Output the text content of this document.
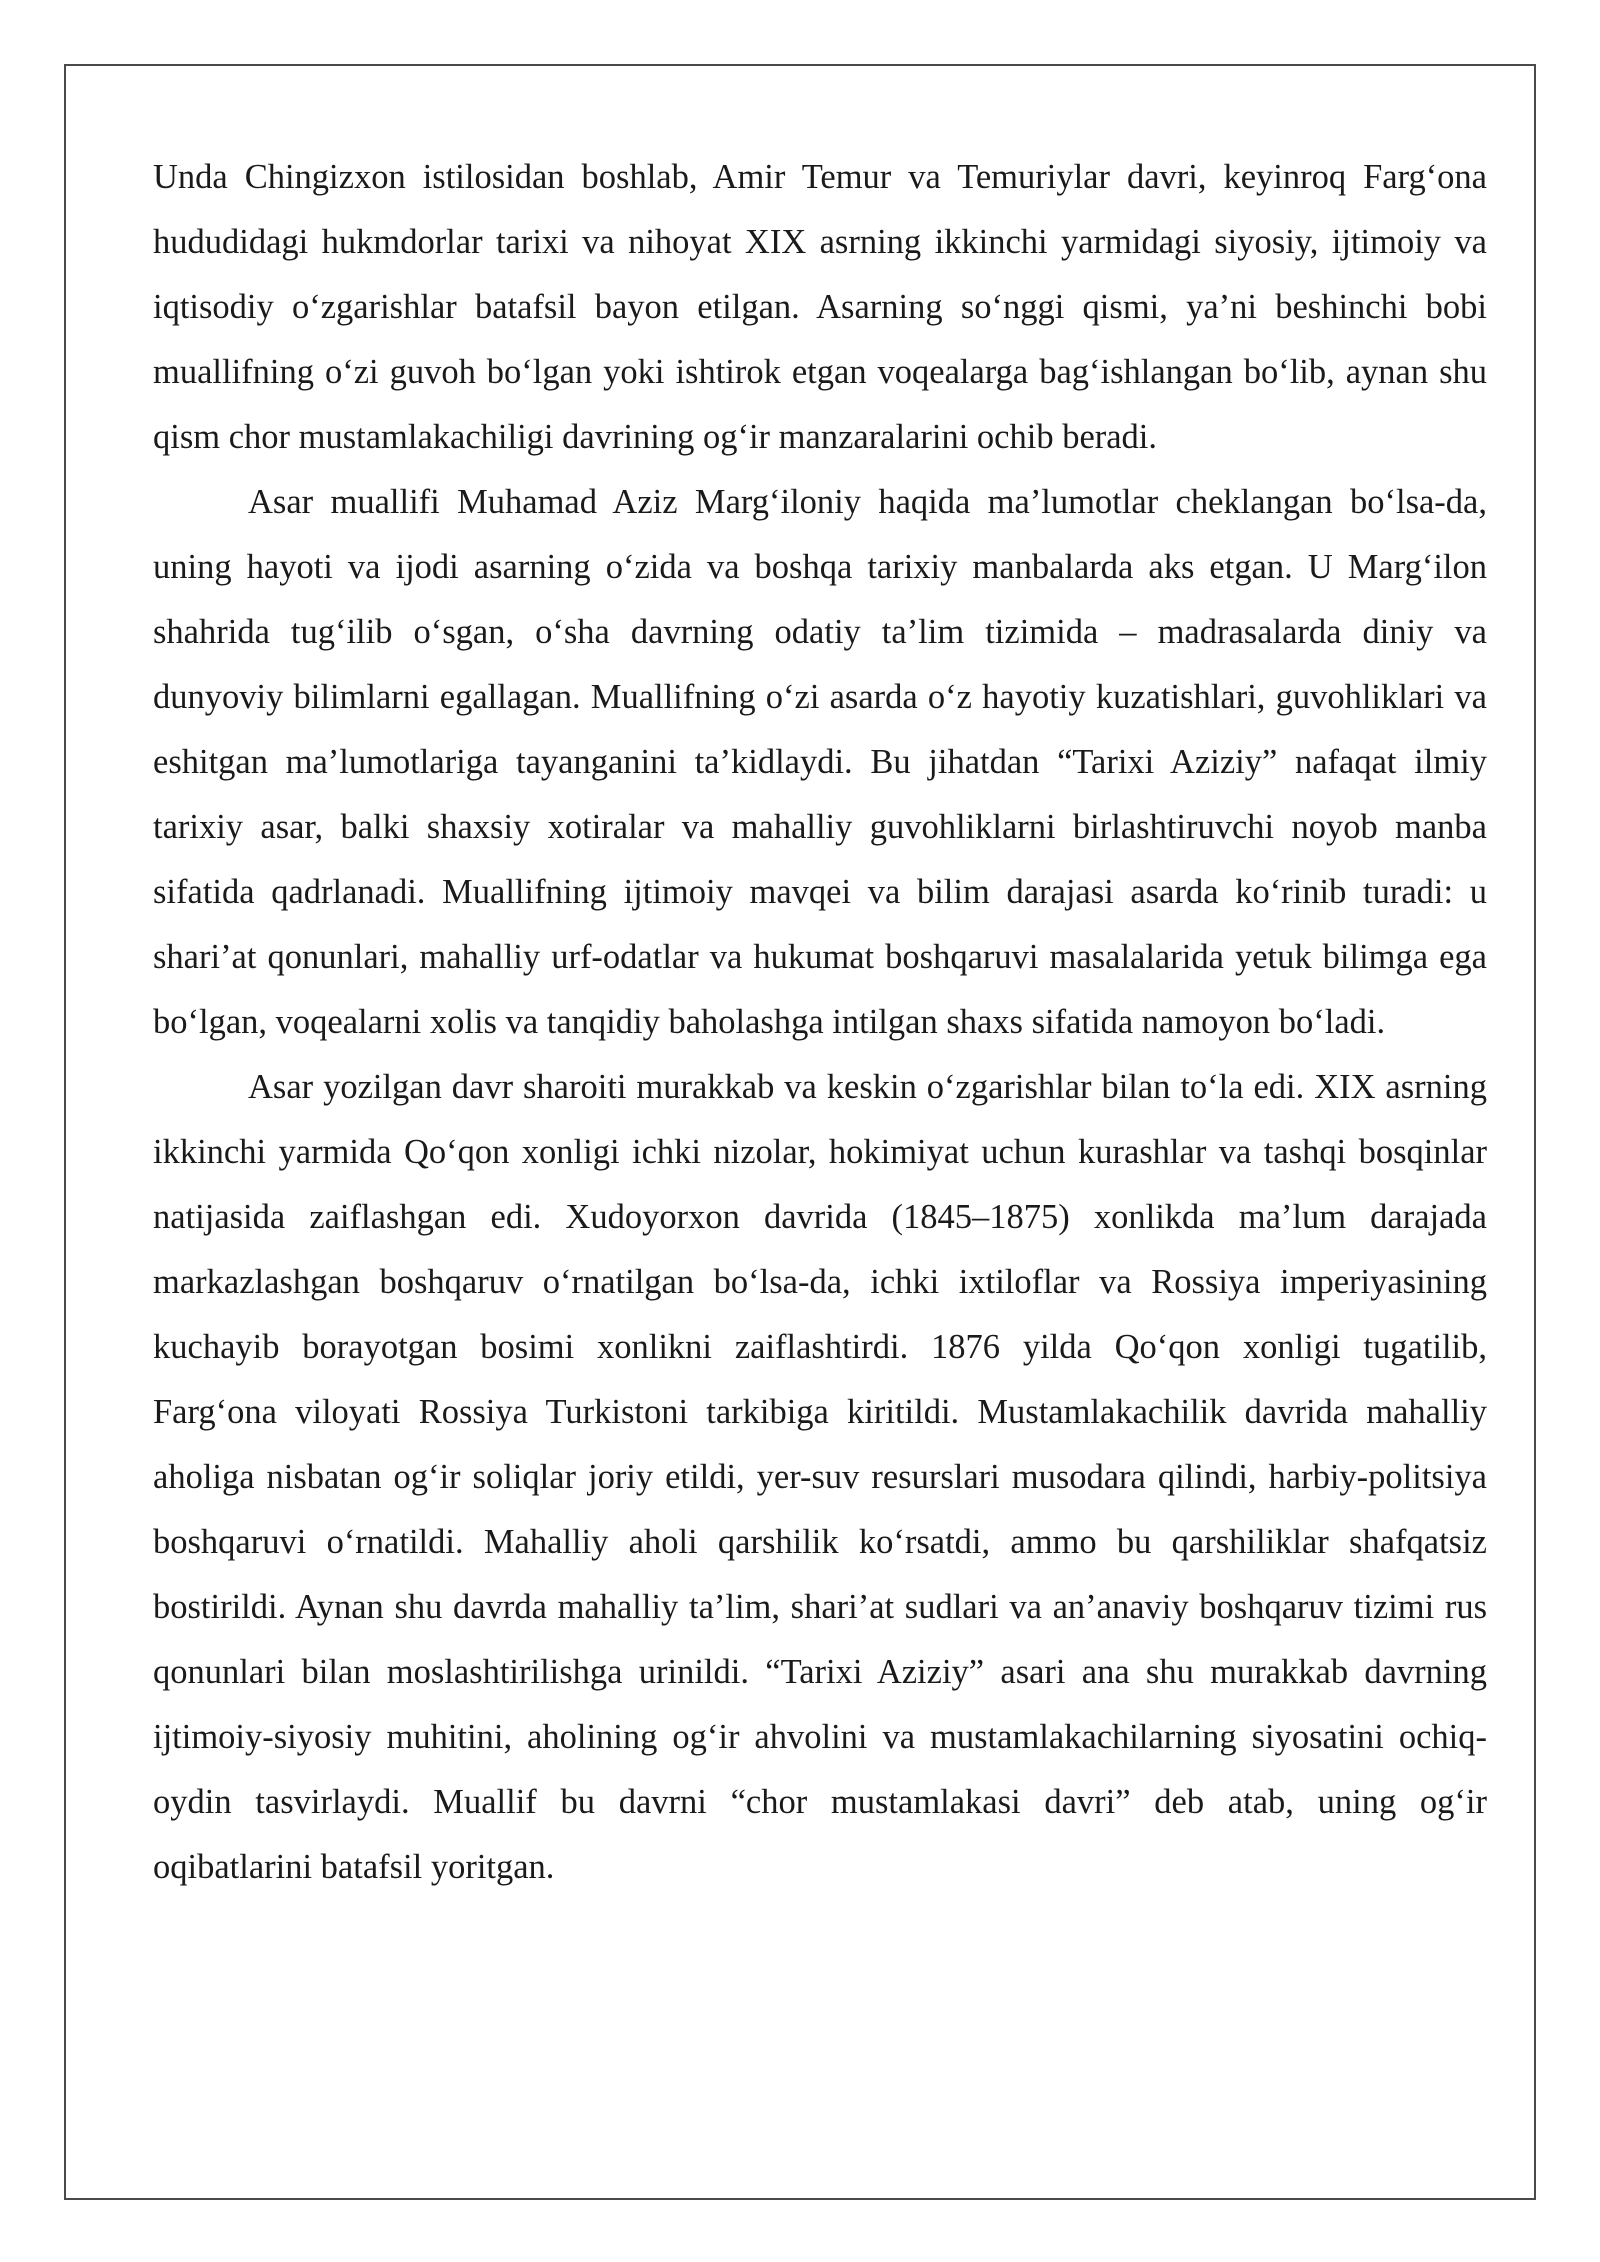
Unda Chingizxon istilosidan boshlab, Amir Temur va Temuriylar davri, keyinroq Farg‘ona hududidagi hukmdorlar tarixi va nihoyat XIX asrning ikkinchi yarmidagi siyosiy, ijtimoiy va iqtisodiy o‘zgarishlar batafsil bayon etilgan. Asarning so‘nggi qismi, ya’ni beshinchi bobi muallifning o‘zi guvoh bo‘lgan yoki ishtirok etgan voqealarga bag‘ishlangan bo‘lib, aynan shu qism chor mustamlakachiligi davrining og‘ir manzaralarini ochib beradi.

Asar muallifi Muhamad Aziz Marg‘iloniy haqida ma’lumotlar cheklangan bo‘lsa-da, uning hayoti va ijodi asarning o‘zida va boshqa tarixiy manbalarda aks etgan. U Marg‘ilon shahrida tug‘ilib o‘sgan, o‘sha davrning odatiy ta’lim tizimida – madrasalarda diniy va dunyoviy bilimlarni egallagan. Muallifning o‘zi asarda o‘z hayotiy kuzatishlari, guvohliklari va eshitgan ma’lumotlariga tayanganini ta’kidlaydi. Bu jihatdan “Tarixi Aziziy” nafaqat ilmiy tarixiy asar, balki shaxsiy xotiralar va mahalliy guvohliklarni birlashtiruvchi noyob manba sifatida qadrlanadi. Muallifning ijtimoiy mavqei va bilim darajasi asarda ko‘rinib turadi: u shari’at qonunlari, mahalliy urf-odatlar va hukumat boshqaruvi masalalarida yetuk bilimga ega bo‘lgan, voqealarni xolis va tanqidiy baholashga intilgan shaxs sifatida namoyon bo‘ladi.

Asar yozilgan davr sharoiti murakkab va keskin o‘zgarishlar bilan to‘la edi. XIX asrning ikkinchi yarmida Qo‘qon xonligi ichki nizolar, hokimiyat uchun kurashlar va tashqi bosqinlar natijasida zaiflashgan edi. Xudoyorxon davrida (1845–1875) xonlikda ma’lum darajada markazlashgan boshqaruv o‘rnatilgan bo‘lsa-da, ichki ixtiloflar va Rossiya imperiyasining kuchayib borayotgan bosimi xonlikni zaiflashtirdi. 1876 yilda Qo‘qon xonligi tugatilib, Farg‘ona viloyati Rossiya Turkistoni tarkibiga kiritildi. Mustamlakachilik davrida mahalliy aholiga nisbatan og‘ir soliqlar joriy etildi, yer-suv resurslari musodara qilindi, harbiy-politsiya boshqaruvi o‘rnatildi. Mahalliy aholi qarshilik ko‘rsatdi, ammo bu qarshiliklar shafqatsiz bostirildi. Aynan shu davrda mahalliy ta’lim, shari’at sudlari va an’anaviy boshqaruv tizimi rus qonunlari bilan moslashtirilishga urinildi. “Tarixi Aziziy” asari ana shu murakkab davrning ijtimoiy-siyosiy muhitini, aholining og‘ir ahvolini va mustamlakachilarning siyosatini ochiq-oydin tasvirlaydi. Muallif bu davrni “chor mustamlakasi davri” deb atab, uning og‘ir oqibatlarini batafsil yoritgan.
